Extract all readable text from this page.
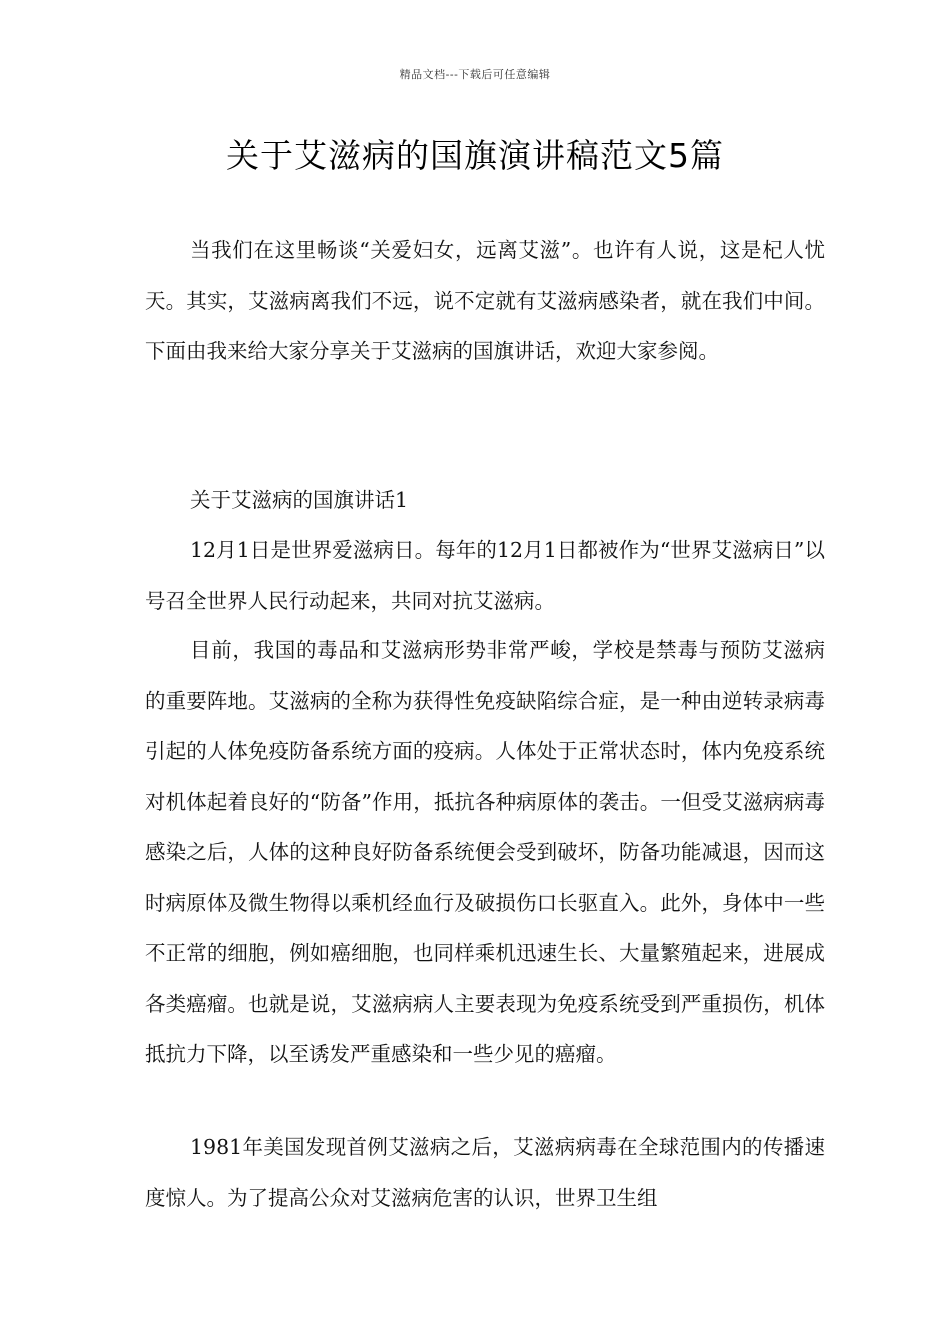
精品文档---下载后可任意编辑
关于艾滋病的国旗演讲稿范文5篇

当我们在这里畅谈“关爱妇女，远离艾滋”。也许有人说，这是杞人忧天。其实，艾滋病离我们不远，说不定就有艾滋病感染者，就在我们中间。下面由我来给大家分享关于艾滋病的国旗讲话，欢迎大家参阅。

关于艾滋病的国旗讲话1

12月1日是世界爱滋病日。每年的12月1日都被作为“世界艾滋病日”以号召全世界人民行动起来，共同对抗艾滋病。

目前，我国的毒品和艾滋病形势非常严峻，学校是禁毒与预防艾滋病的重要阵地。艾滋病的全称为获得性免疫缺陷综合症，是一种由逆转录病毒引起的人体免疫防备系统方面的疫病。人体处于正常状态时，体内免疫系统对机体起着良好的“防备”作用，抵抗各种病原体的袭击。一但受艾滋病病毒感染之后，人体的这种良好防备系统便会受到破坏，防备功能减退，因而这时病原体及微生物得以乘机经血行及破损伤口长驱直入。此外，身体中一些不正常的细胞，例如癌细胞，也同样乘机迅速生长、大量繁殖起来，进展成各类癌瘤。也就是说，艾滋病病人主要表现为免疫系统受到严重损伤，机体抵抗力下降，以至诱发严重感染和一些少见的癌瘤。

1981年美国发现首例艾滋病之后，艾滋病病毒在全球范围内的传播速度惊人。为了提高公众对艾滋病危害的认识，世界卫生组
